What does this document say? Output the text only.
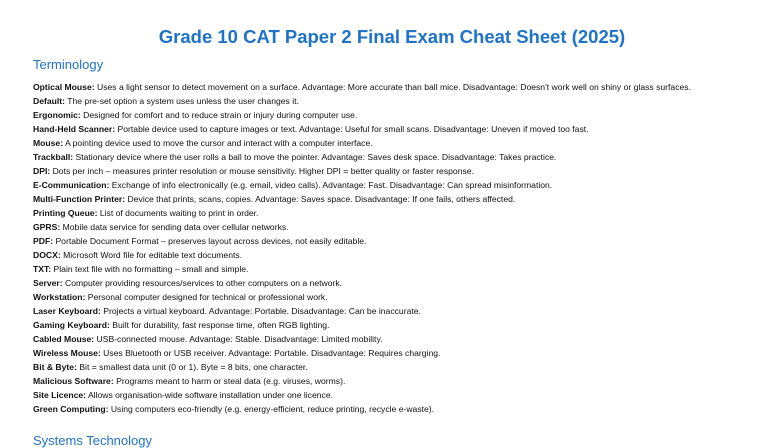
Grade 10 CAT Paper 2 Final Exam Cheat Sheet (2025)
Terminology
Optical Mouse: Uses a light sensor to detect movement on a surface. Advantage: More accurate than ball mice. Disadvantage: Doesn't work well on shiny or glass surfaces.
Default: The pre-set option a system uses unless the user changes it.
Ergonomic: Designed for comfort and to reduce strain or injury during computer use.
Hand-Held Scanner: Portable device used to capture images or text. Advantage: Useful for small scans. Disadvantage: Uneven if moved too fast.
Mouse: A pointing device used to move the cursor and interact with a computer interface.
Trackball: Stationary device where the user rolls a ball to move the pointer. Advantage: Saves desk space. Disadvantage: Takes practice.
DPI: Dots per inch – measures printer resolution or mouse sensitivity. Higher DPI = better quality or faster response.
E-Communication: Exchange of info electronically (e.g. email, video calls). Advantage: Fast. Disadvantage: Can spread misinformation.
Multi-Function Printer: Device that prints, scans, copies. Advantage: Saves space. Disadvantage: If one fails, others affected.
Printing Queue: List of documents waiting to print in order.
GPRS: Mobile data service for sending data over cellular networks.
PDF: Portable Document Format – preserves layout across devices, not easily editable.
DOCX: Microsoft Word file for editable text documents.
TXT: Plain text file with no formatting – small and simple.
Server: Computer providing resources/services to other computers on a network.
Workstation: Personal computer designed for technical or professional work.
Laser Keyboard: Projects a virtual keyboard. Advantage: Portable. Disadvantage: Can be inaccurate.
Gaming Keyboard: Built for durability, fast response time, often RGB lighting.
Cabled Mouse: USB-connected mouse. Advantage: Stable. Disadvantage: Limited mobility.
Wireless Mouse: Uses Bluetooth or USB receiver. Advantage: Portable. Disadvantage: Requires charging.
Bit & Byte: Bit = smallest data unit (0 or 1). Byte = 8 bits, one character.
Malicious Software: Programs meant to harm or steal data (e.g. viruses, worms).
Site Licence: Allows organisation-wide software installation under one licence.
Green Computing: Using computers eco-friendly (e.g. energy-efficient, reduce printing, recycle e-waste).
Systems Technology
